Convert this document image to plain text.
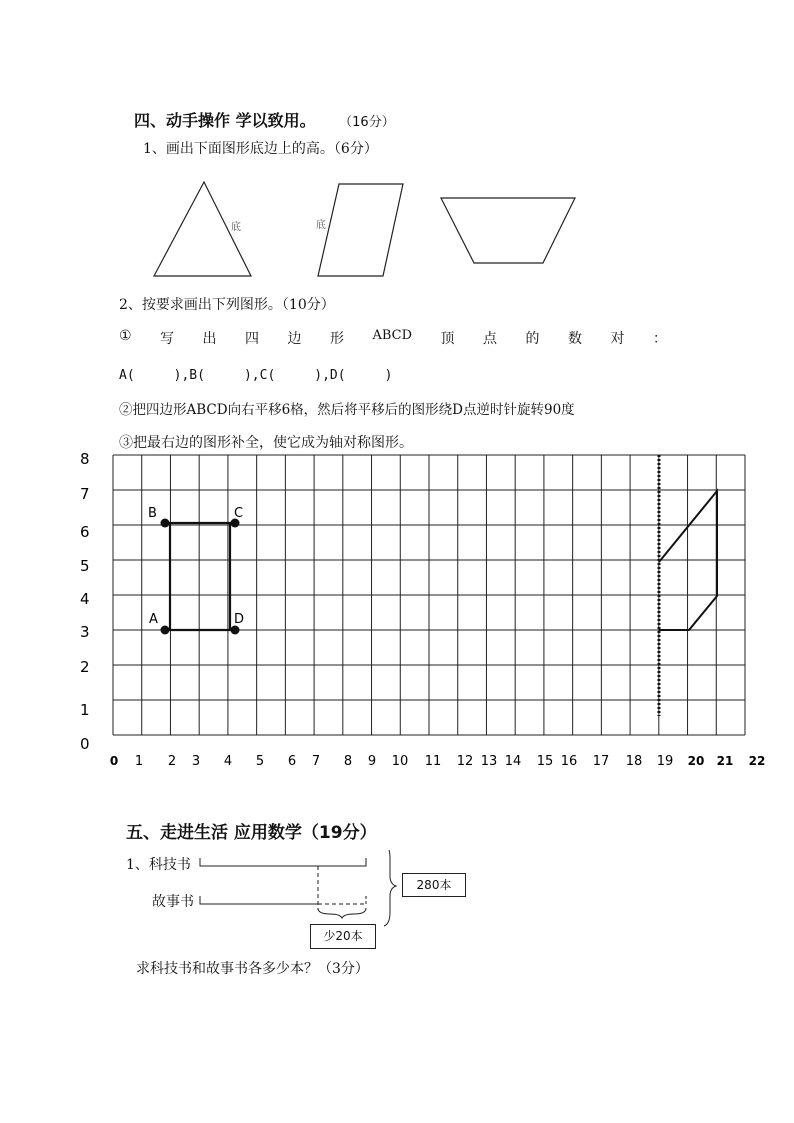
四、动手操作 学以致用。 （16分）
1、画出下面图形底边上的高。（6分）
底	底
2、按要求画出下列图形。（10分）
① 写 出 四 边 形 ABCD 顶 点 的 数 对 ：
A(　　　),B(　　　),C(　　　),D(　　　)
②把四边形ABCD向右平移6格，然后将平移后的图形绕D点逆时针旋转90度
③把最右边的图形补全，使它成为轴对称图形。
8
7
6
5
4
3
2
1
0
0 1 2 3 4 5 6 7 8 9 10 11 12 13 14 15 16 17 18 19 20 21 22
A
B	C
D
五、走进生活 应用数学（19分）
1、科技书
故事书
280本
少20本
求科技书和故事书各多少本？（3分）
